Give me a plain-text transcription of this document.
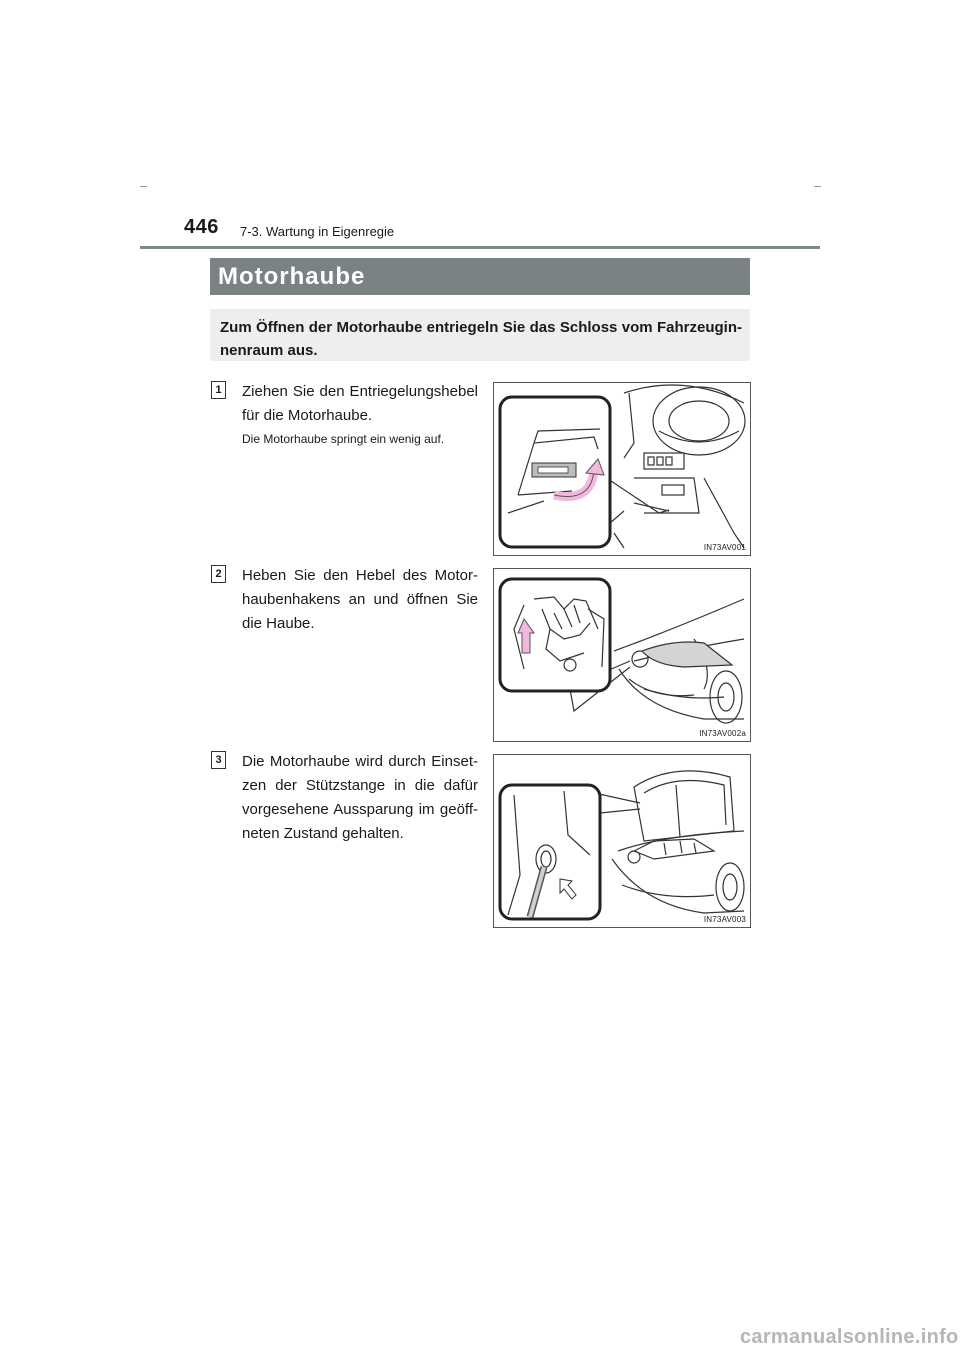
446 7-3. Wartung in Eigenregie
Motorhaube
Zum Öffnen der Motorhaube entriegeln Sie das Schloss vom Fahrzeuginnenraum aus.
1 Ziehen Sie den Entriegelungshebel für die Motorhaube.
Die Motorhaube springt ein wenig auf.
IN73AV001
2 Heben Sie den Hebel des Motorhaubenhakens an und öffnen Sie die Haube.
IN73AV002a
3 Die Motorhaube wird durch Einsetzen der Stützstange in die dafür vorgesehene Aussparung im geöffneten Zustand gehalten.
IN73AV003
carmanualsonline.info
